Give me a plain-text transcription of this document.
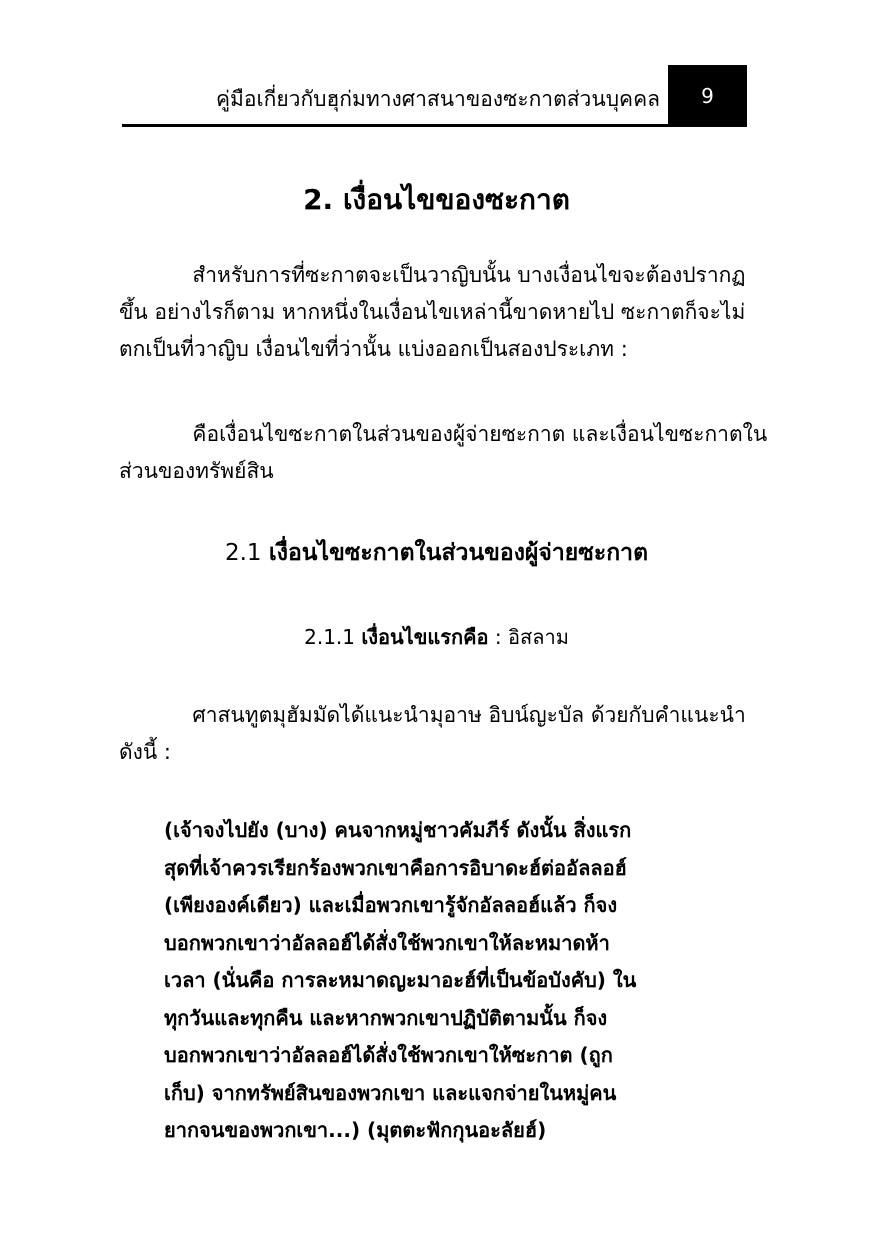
คู่มือเกี่ยวกับฮุก่มทางศาสนาของซะกาตส่วนบุคคล 9
2. เงื่อนไขของซะกาต

สำหรับการที่ซะกาตจะเป็นวาญิบนั้น บางเงื่อนไขจะต้องปรากฏ
ขึ้น อย่างไรก็ตาม หากหนึ่งในเงื่อนไขเหล่านี้ขาดหายไป ซะกาตก็จะไม่
ตกเป็นที่วาญิบ เงื่อนไขที่ว่านั้น แบ่งออกเป็นสองประเภท :

คือเงื่อนไขซะกาตในส่วนของผู้จ่ายซะกาต และเงื่อนไขซะกาตใน
ส่วนของทรัพย์สิน

2.1 เงื่อนไขซะกาตในส่วนของผู้จ่ายซะกาต
2.1.1 เงื่อนไขแรกคือ : อิสลาม

ศาสนทูตมุฮัมมัดได้แนะนำมุอาษ อิบน์ญะบัล ด้วยกับคำแนะนำ
ดังนี้ :

(เจ้าจงไปยัง (บาง) คนจากหมู่ชาวคัมภีร์ ดังนั้น สิ่งแรก
สุดที่เจ้าควรเรียกร้องพวกเขาคือการอิบาดะฮ์ต่ออัลลอฮ์
(เพียงองค์เดียว) และเมื่อพวกเขารู้จักอัลลอฮ์แล้ว ก็จง
บอกพวกเขาว่าอัลลอฮ์ได้สั่งใช้พวกเขาให้ละหมาดห้า
เวลา (นั่นคือ การละหมาดญะมาอะฮ์ที่เป็นข้อบังคับ) ใน
ทุกวันและทุกคืน และหากพวกเขาปฏิบัติตามนั้น ก็จง
บอกพวกเขาว่าอัลลอฮ์ได้สั่งใช้พวกเขาให้ซะกาต (ถูก
เก็บ) จากทรัพย์สินของพวกเขา และแจกจ่ายในหมู่คน
ยากจนของพวกเขา...) (มุตตะฟักกุนอะลัยฮ์)
